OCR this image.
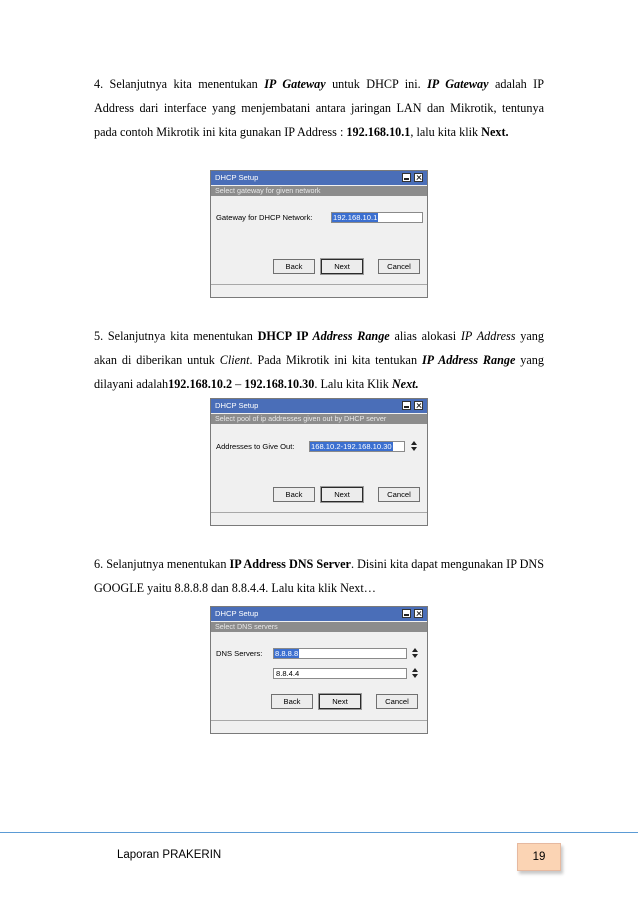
4. Selanjutnya kita menentukan IP Gateway untuk DHCP ini. IP Gateway adalah IP Address dari interface yang menjembatani antara jaringan LAN dan Mikrotik, tentunya pada contoh Mikrotik ini kita gunakan IP Address : 192.168.10.1, lalu kita klik Next.
DHCP Setup
Select gateway for given network
Gateway for DHCP Network:	192.168.10.1
Back	Next	Cancel
5. Selanjutnya kita menentukan DHCP IP Address Range alias alokasi IP Address yang akan di diberikan untuk Client. Pada Mikrotik ini kita tentukan IP Address Range yang dilayani adalah192.168.10.2 – 192.168.10.30. Lalu kita Klik Next.
DHCP Setup
Select pool of ip addresses given out by DHCP server
Addresses to Give Out: 168.10.2-192.168.10.30
Back	Next	Cancel
6. Selanjutnya menentukan IP Address DNS Server. Disini kita dapat mengunakan IP DNS GOOGLE yaitu 8.8.8.8 dan 8.8.4.4. Lalu kita klik Next…
DHCP Setup
Select DNS servers
DNS Servers: 8.8.8.8
8.8.4.4
Back	Next	Cancel
Laporan PRAKERIN	19
